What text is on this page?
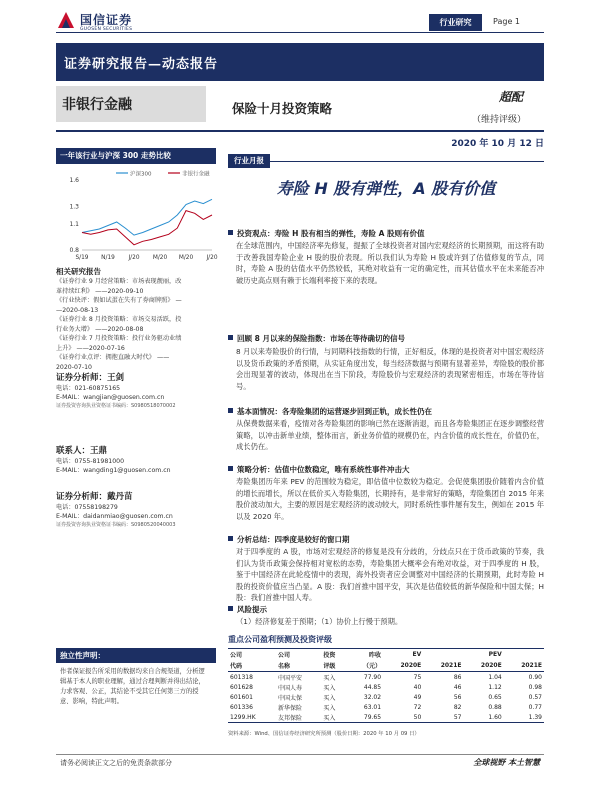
国信证券
GUOSEN SECURITIES
行业研究	Page 1
证券研究报告—动态报告
非银行金融	保险十月投资策略
超配
（维持评级）
2020 年 10 月 12 日
一年该行业与沪深 300 走势比较
沪深300	非银行金融
0.8
1.1
1.3
1.6
S/19 N/19 J/20 M/20 M/20 J/20
相关研究报告
《证券行业 9 月经营策略：市场表现靓丽，改
革持续红利》 ——2020-09-10
《行业快评：假如试蛋在失有了券商牌照》 —
—2020-08-13
《证券行业 8 月投资策略：市场交易活跃，投
行业务大增》 ——2020-08-08
《证券行业 7 月投资策略：投行业务驱动业绩
上升》 ——2020-07-16
《证券行业点评：拥抱直融大时代》 ——
2020-07-10
证券分析师：王剑
电话：021-60875165
E-MAIL：wangjian@guosen.com.cn
证券投资咨询执业资格证书编码：S0980518070002
联系人：王鼎
电话：0755-81981000
E-MAIL：wangding1@guosen.com.cn
证券分析师：戴丹苗
电话：07558198279
E-MAIL：daidanmiao@guosen.com.cn
证券投资咨询执业资格证书编码：S0980520040003
独立性声明：
作者保证报告所采用的数据均来自合规渠道，分析逻辑基于本人的职业理解，通过合理判断并得出结论，力求客观、公正，其结论不受其它任何第三方的授意、影响，特此声明。
行业月报
寿险 H 股有弹性，A 股有价值
投资观点：寿险 H 股有相当的弹性，寿险 A 股则有价值
在全球范围内，中国经济率先修复，提振了全球投资者对国内宏观经济的长期预期，而这将有助于改善我国寿险企业 H 股的股价表现。所以我们认为寿险 H 股或许到了估值修复的节点，同时，寿险 A 股的估值水平仍然较低，其绝对收益有一定的确定性，而其估值水平在未来能否冲破历史高点则有赖于长端利率接下来的表现。
回顾 8 月以来的保险指数：市场在等待确切的信号
8 月以来寿险股价的行情，与同期科技指数的行情，正好相反，体现的是投资者对中国宏观经济以及货币政策的矛盾预期，从实证角度出发，每当经济数据与预期有显著差异，寿险股的股价都会出现显著的波动，体现出在当下阶段，寿险股价与宏观经济的表现紧密相连，市场在等待信号。
基本面情况：各寿险集团的运营逐步回到正轨，成长性仍在
从保费数据来看，疫情对各寿险集团的影响已然在逐渐消退，而且各寿险集团正在逐步调整经营策略，以冲击新单业绩，整体而言，新业务价值的规模仍在，内含价值的成长性在，价值仍在，成长仍在。
策略分析：估值中位数稳定，唯有系统性事件冲击大
寿险集团历年来 PEV 的范围较为稳定，即估值中位数较为稳定。会促使集团股价随着内含价值的增长而增长，所以在低价买入寿险集团，长期持有，是非常好的策略，寿险集团自 2015 年来股价波动加大，主要的原因是宏观经济的波动较大，同时系统性事件屡有发生，例如在 2015 年以及 2020 年。
分析总结：四季度是较好的窗口期
对于四季度的 A 股，市场对宏观经济的修复是没有分歧的，分歧点只在于货币政策的节奏，我们认为货币政策会保持相对宽松的态势，寿险集团大概率会有绝对收益，对于四季度的 H 股，鉴于中国经济在此轮疫情中的表现，海外投资者应会调整对中国经济的长期预期，此时寿险 H 股的投资价值应当凸显。A 股：我们首推中国平安，其次是估值较低的新华保险和中国太保；H 股：我们首推中国人寿。
风险提示
（1）经济修复差于预期；（1）协价上行慢于预期。
重点公司盈利预测及投资评级
公司	公司	投资	昨收	EV		PEV	
代码	名称	评级	（元）	2020E	2021E	2020E	2021E
601318	中国平安	买入	77.90	75	86	1.04	0.90
601628	中国人寿	买入	44.85	40	46	1.12	0.98
601601	中国太保	买入	32.02	49	56	0.65	0.57
601336	新华保险	买入	63.01	72	82	0.88	0.77
1299.HK	友邦保险	买入	79.65	50	57	1.60	1.39
资料来源：Wind、国信证券经济研究所预测（股价日期：2020 年 10 月 09 日）
请务必阅读正文之后的免责条款部分	全球视野 本土智慧
